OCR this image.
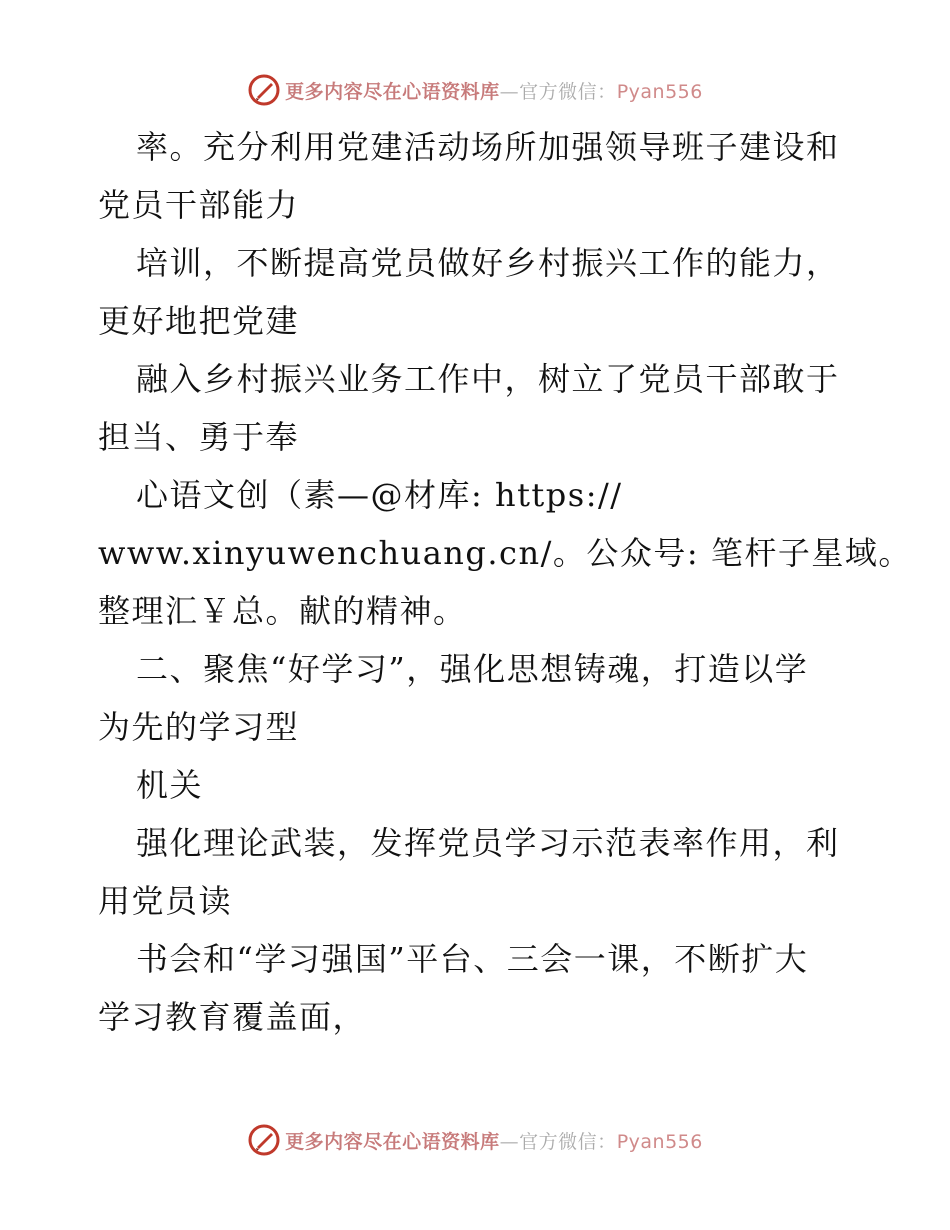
更多内容尽在心语资料库—官方微信：Pyan556
率。充分利用党建活动场所加强领导班子建设和
党员干部能力
培训，不断提高党员做好乡村振兴工作的能力，
更好地把党建
融入乡村振兴业务工作中，树立了党员干部敢于
担当、勇于奉
心语文创（素—@材库: https://
www.xinyuwenchuang.cn/。公众号: 笔杆子星域。
整理汇￥总。献的精神。
二、聚焦“好学习”，强化思想铸魂，打造以学
为先的学习型
机关
强化理论武装，发挥党员学习示范表率作用，利
用党员读
书会和“学习强国”平台、三会一课，不断扩大
学习教育覆盖面，
更多内容尽在心语资料库—官方微信：Pyan556
